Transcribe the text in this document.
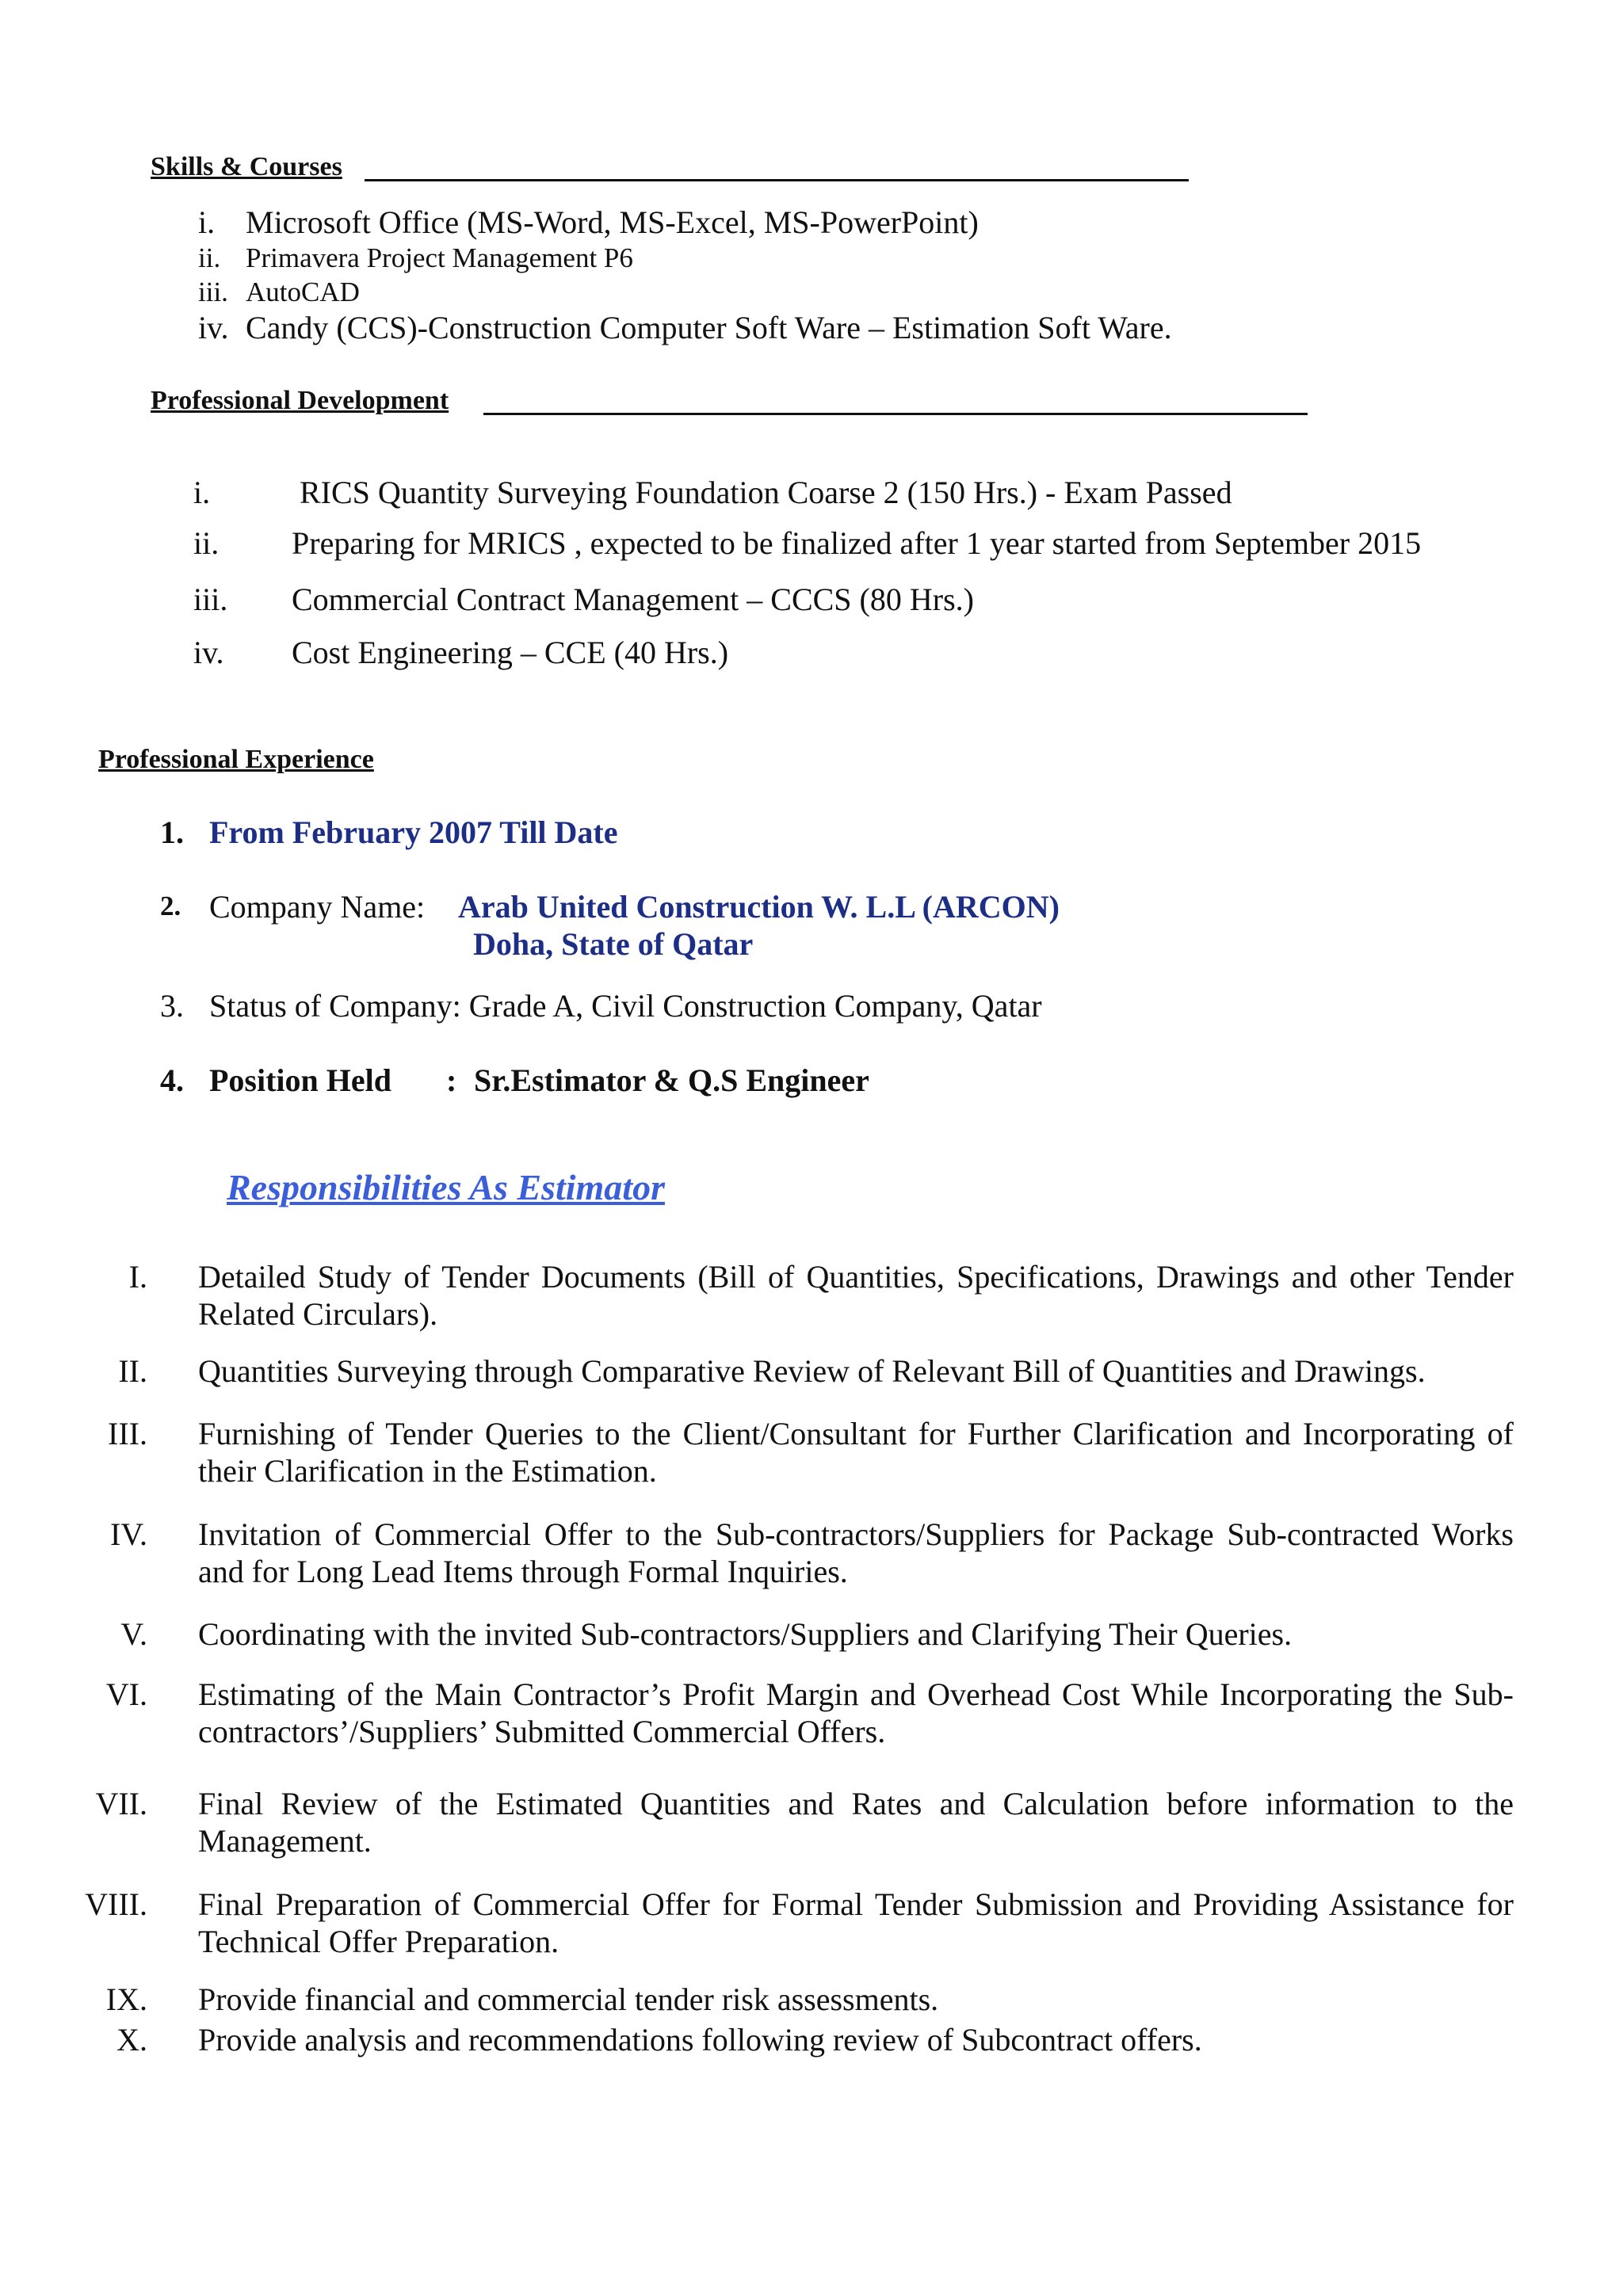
Skills & Courses
i. Microsoft Office (MS-Word, MS-Excel, MS-PowerPoint)
ii. Primavera Project Management P6
iii. AutoCAD
iv. Candy (CCS)-Construction Computer Soft Ware – Estimation Soft Ware.
Professional Development
i.	RICS Quantity Surveying Foundation Coarse 2 (150 Hrs.) - Exam Passed
ii. Preparing for MRICS , expected to be finalized after 1 year started from September 2015
iii. Commercial Contract Management – CCCS (80 Hrs.)
iv. Cost Engineering – CCE (40 Hrs.)
Professional Experience
1. From February 2007 Till Date
2. Company Name: Arab United Construction W. L.L (ARCON)
Doha, State of Qatar
3. Status of Company: Grade A, Civil Construction Company, Qatar
4. Position Held : Sr.Estimator & Q.S Engineer
Responsibilities As Estimator
I. Detailed Study of Tender Documents (Bill of Quantities, Specifications, Drawings and other Tender Related Circulars).
II. Quantities Surveying through Comparative Review of Relevant Bill of Quantities and Drawings.
III. Furnishing of Tender Queries to the Client/Consultant for Further Clarification and Incorporating of their Clarification in the Estimation.
IV. Invitation of Commercial Offer to the Sub-contractors/Suppliers for Package Sub-contracted Works and for Long Lead Items through Formal Inquiries.
V. Coordinating with the invited Sub-contractors/Suppliers and Clarifying Their Queries.
VI. Estimating of the Main Contractor’s Profit Margin and Overhead Cost While Incorporating the Sub-contractors’/Suppliers’ Submitted Commercial Offers.
VII. Final Review of the Estimated Quantities and Rates and Calculation before information to the Management.
VIII. Final Preparation of Commercial Offer for Formal Tender Submission and Providing Assistance for Technical Offer Preparation.
IX. Provide financial and commercial tender risk assessments.
X. Provide analysis and recommendations following review of Subcontract offers.
